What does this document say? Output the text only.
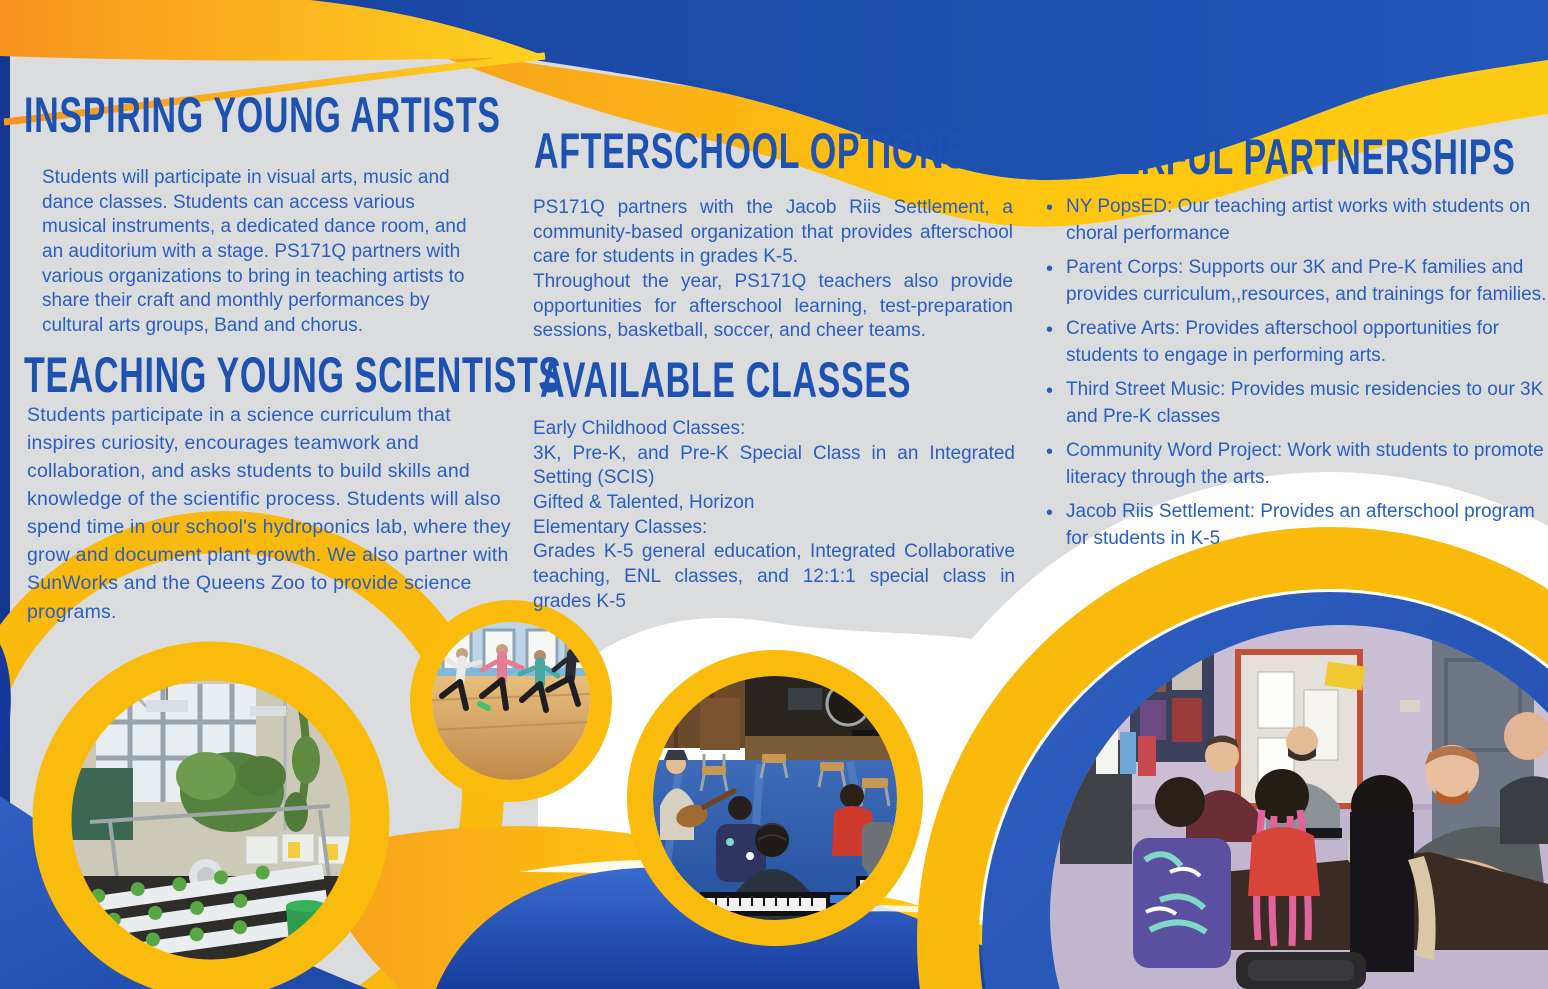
INSPIRING YOUNG ARTISTS

Students will participate in visual arts, music and dance classes. Students can access various musical instruments, a dedicated dance room, and an auditorium with a stage. PS171Q partners with various organizations to bring in teaching artists to share their craft and monthly performances by cultural arts groups, Band and chorus.

TEACHING YOUNG SCIENTISTS

Students participate in a science curriculum that inspires curiosity, encourages teamwork and collaboration, and asks students to build skills and knowledge of the scientific process. Students will also spend time in our school's hydroponics lab, where they grow and document plant growth. We also partner with SunWorks and the Queens Zoo to provide science programs.

AFTERSCHOOL OPTIONS

PS171Q partners with the Jacob Riis Settlement, a community-based organization that provides afterschool care for students in grades K-5.

Throughout the year, PS171Q teachers also provide opportunities for afterschool learning, test-preparation sessions, basketball, soccer, and cheer teams.

AVAILABLE CLASSES

Early Childhood Classes:

3K, Pre-K, and Pre-K Special Class in an Integrated Setting (SCIS)

Gifted & Talented, Horizon

Elementary Classes:

Grades K-5 general education, Integrated Collaborative teaching, ENL classes, and 12:1:1 special class in grades K-5

POWERFUL PARTNERSHIPS
• NY PopsED: Our teaching artist works with students on choral performance
• Parent Corps: Supports our 3K and Pre-K families and provides curriculum,,resources, and trainings for families.
• Creative Arts: Provides afterschool opportunities for students to engage in performing arts.
• Third Street Music: Provides music residencies to our 3K and Pre-K classes
• Community Word Project: Work with students to promote literacy through the arts.
• Jacob Riis Settlement: Provides an afterschool program for students in K-5
